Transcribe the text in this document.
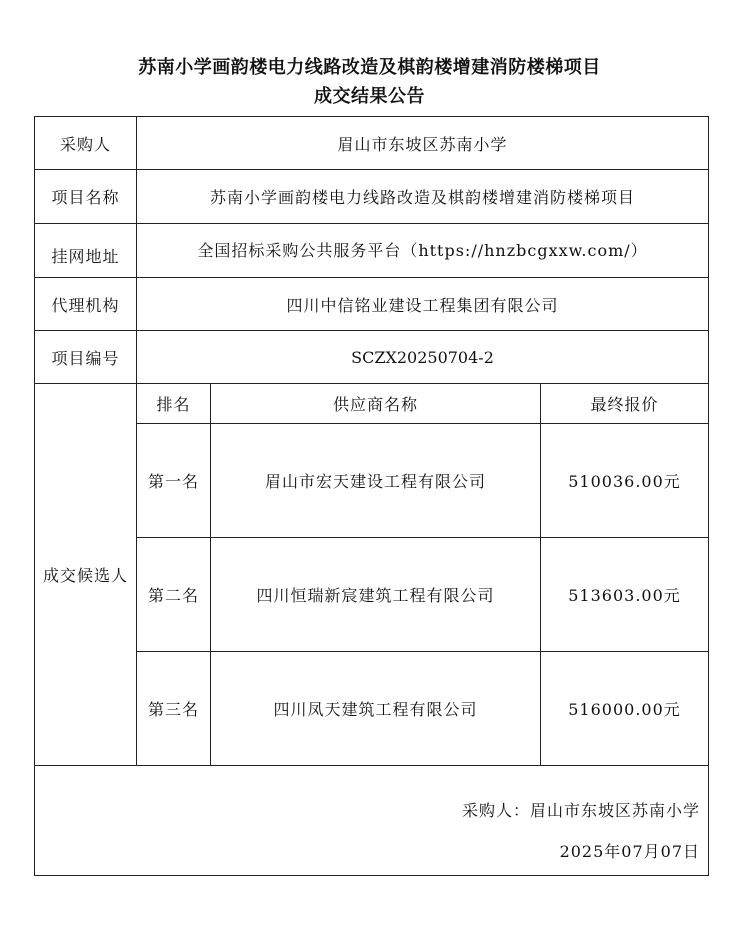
苏南小学画韵楼电力线路改造及棋韵楼增建消防楼梯项目
成交结果公告
采购人	眉山市东坡区苏南小学		
项目名称	苏南小学画韵楼电力线路改造及棋韵楼增建消防楼梯项目		
挂网地址	全国招标采购公共服务平台（https://hnzbcgxxw.com/）		
代理机构	四川中信铭业建设工程集团有限公司		
项目编号	SCZX20250704-2		
成交候选人	排名	供应商名称	最终报价
	第一名	眉山市宏天建设工程有限公司	510036.00元
	第二名	四川恒瑞新宸建筑工程有限公司	513603.00元
	第三名	四川凤天建筑工程有限公司	516000.00元

采购人：眉山市东坡区苏南小学
2025年07月07日			
